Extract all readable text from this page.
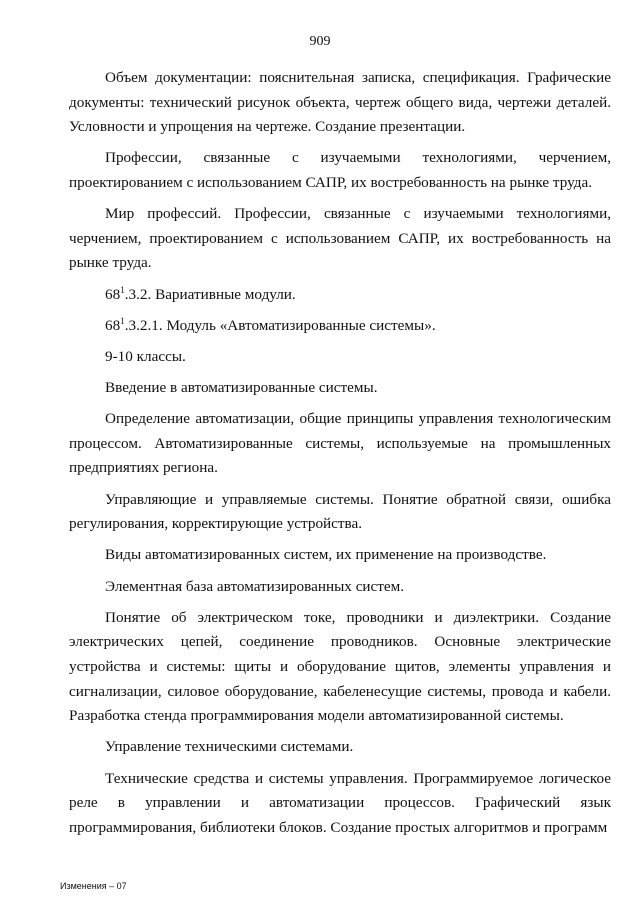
909

Объем документации: пояснительная записка, спецификация. Графические документы: технический рисунок объекта, чертеж общего вида, чертежи деталей. Условности и упрощения на чертеже. Создание презентации.

Профессии, связанные с изучаемыми технологиями, черчением, проектированием с использованием САПР, их востребованность на рынке труда.

Мир профессий. Профессии, связанные с изучаемыми технологиями, черчением, проектированием с использованием САПР, их востребованность на рынке труда.

$68^1.3.2$. Вариативные модули.

$68^1.3.2.1$. Модуль «Автоматизированные системы».

9-10 классы.

Введение в автоматизированные системы.

Определение автоматизации, общие принципы управления технологическим процессом. Автоматизированные системы, используемые на промышленных предприятиях региона.

Управляющие и управляемые системы. Понятие обратной связи, ошибка регулирования, корректирующие устройства.

Виды автоматизированных систем, их применение на производстве.

Элементная база автоматизированных систем.

Понятие об электрическом токе, проводники и диэлектрики. Создание электрических цепей, соединение проводников. Основные электрические устройства и системы: щиты и оборудование щитов, элементы управления и сигнализации, силовое оборудование, кабеленесущие системы, провода и кабели. Разработка стенда программирования модели автоматизированной системы.

Управление техническими системами.

Технические средства и системы управления. Программируемое логическое реле в управлении и автоматизации процессов. Графический язык программирования, библиотеки блоков. Создание простых алгоритмов и программ

Изменения – 07
